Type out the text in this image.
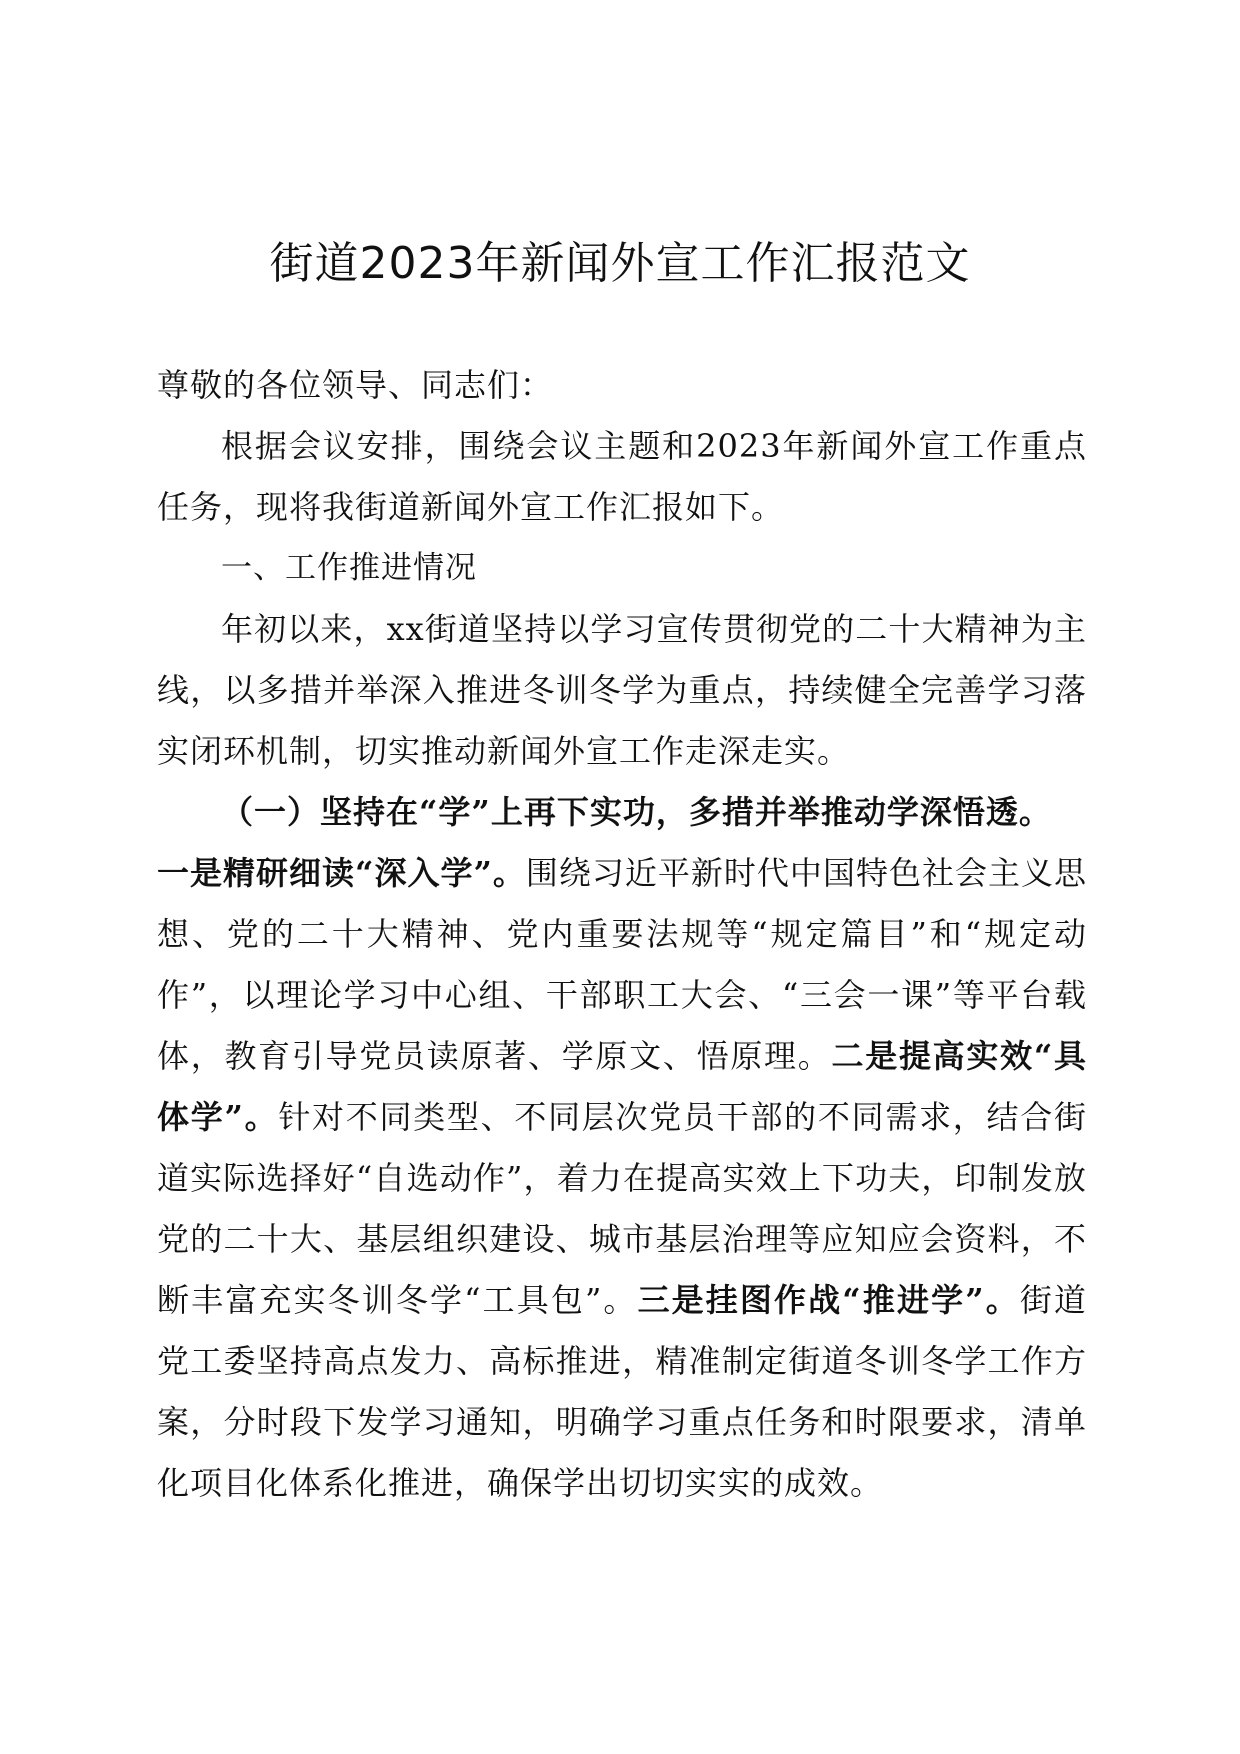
街道2023年新闻外宣工作汇报范文

尊敬的各位领导、同志们：

根据会议安排，围绕会议主题和2023年新闻外宣工作重点任务，现将我街道新闻外宣工作汇报如下。

一、工作推进情况

年初以来，xx街道坚持以学习宣传贯彻党的二十大精神为主线，以多措并举深入推进冬训冬学为重点，持续健全完善学习落实闭环机制，切实推动新闻外宣工作走深走实。

（一）坚持在“学”上再下实功，多措并举推动学深悟透。

一是精研细读“深入学”。围绕习近平新时代中国特色社会主义思想、党的二十大精神、党内重要法规等“规定篇目”和“规定动作”，以理论学习中心组、干部职工大会、“三会一课”等平台载体，教育引导党员读原著、学原文、悟原理。二是提高实效“具体学”。针对不同类型、不同层次党员干部的不同需求，结合街道实际选择好“自选动作”，着力在提高实效上下功夫，印制发放党的二十大、基层组织建设、城市基层治理等应知应会资料，不断丰富充实冬训冬学“工具包”。三是挂图作战“推进学”。街道党工委坚持高点发力、高标推进，精准制定街道冬训冬学工作方案，分时段下发学习通知，明确学习重点任务和时限要求，清单化项目化体系化推进，确保学出切切实实的成效。
